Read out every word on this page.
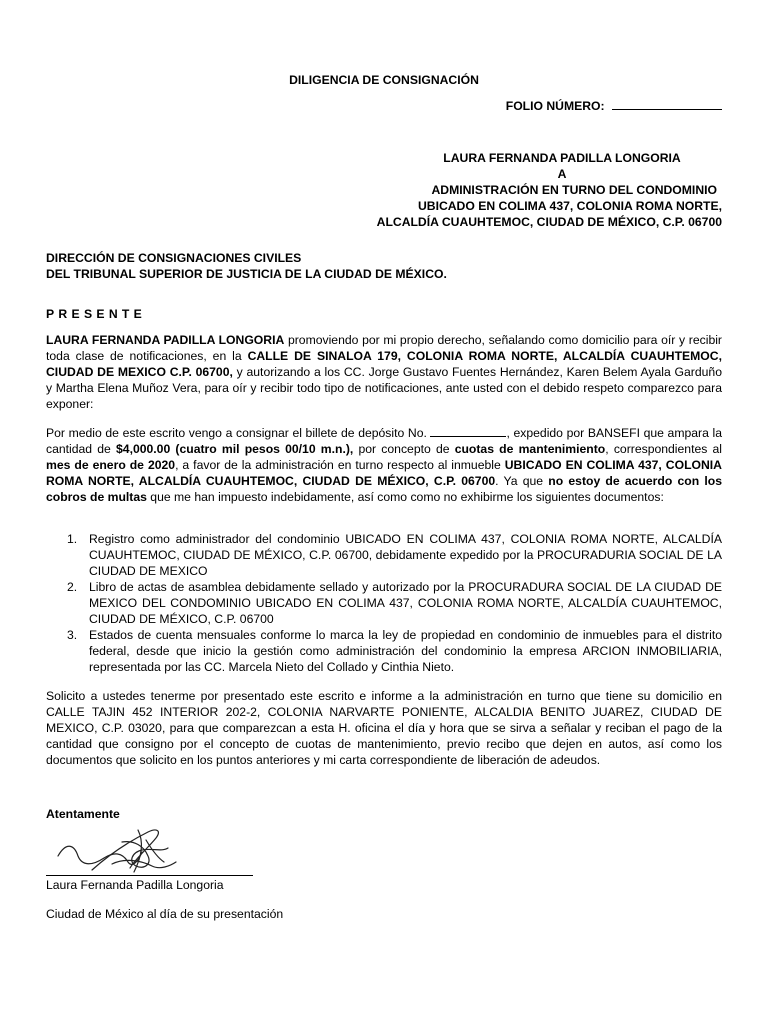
DILIGENCIA DE CONSIGNACIÓN
FOLIO NÚMERO:
LAURA FERNANDA PADILLA LONGORIA
A
ADMINISTRACIÓN EN TURNO DEL CONDOMINIO
UBICADO EN COLIMA 437, COLONIA ROMA NORTE,
ALCALDÍA CUAUHTEMOC, CIUDAD DE MÉXICO, C.P. 06700
DIRECCIÓN DE CONSIGNACIONES CIVILES
DEL TRIBUNAL SUPERIOR DE JUSTICIA DE LA CIUDAD DE MÉXICO.
PRESENTE
LAURA FERNANDA PADILLA LONGORIA promoviendo por mi propio derecho, señalando como domicilio para oír y recibir toda clase de notificaciones, en la CALLE DE SINALOA 179, COLONIA ROMA NORTE, ALCALDÍA CUAUHTEMOC, CIUDAD DE MEXICO C.P. 06700, y autorizando a los CC. Jorge Gustavo Fuentes Hernández, Karen Belem Ayala Garduño y Martha Elena Muñoz Vera, para oír y recibir todo tipo de notificaciones, ante usted con el debido respeto comparezco para exponer:
Por medio de este escrito vengo a consignar el billete de depósito No.	, expedido por BANSEFI que ampara la cantidad de $4,000.00 (cuatro mil pesos 00/10 m.n.), por concepto de cuotas de mantenimiento, correspondientes al mes de enero de 2020, a favor de la administración en turno respecto al inmueble UBICADO EN COLIMA 437, COLONIA ROMA NORTE, ALCALDÍA CUAUHTEMOC, CIUDAD DE MÉXICO, C.P. 06700. Ya que no estoy de acuerdo con los cobros de multas que me han impuesto indebidamente, así como como no exhibirme los siguientes documentos:
1. Registro como administrador del condominio UBICADO EN COLIMA 437, COLONIA ROMA NORTE, ALCALDÍA CUAUHTEMOC, CIUDAD DE MÉXICO, C.P. 06700, debidamente expedido por la PROCURADURIA SOCIAL DE LA CIUDAD DE MEXICO
2. Libro de actas de asamblea debidamente sellado y autorizado por la PROCURADURA SOCIAL DE LA CIUDAD DE MEXICO DEL CONDOMINIO UBICADO EN COLIMA 437, COLONIA ROMA NORTE, ALCALDÍA CUAUHTEMOC, CIUDAD DE MÉXICO, C.P. 06700
3. Estados de cuenta mensuales conforme lo marca la ley de propiedad en condominio de inmuebles para el distrito federal, desde que inicio la gestión como administración del condominio la empresa ARCION INMOBILIARIA, representada por las CC. Marcela Nieto del Collado y Cinthia Nieto.
Solicito a ustedes tenerme por presentado este escrito e informe a la administración en turno que tiene su domicilio en CALLE TAJIN 452 INTERIOR 202-2, COLONIA NARVARTE PONIENTE, ALCALDIA BENITO JUAREZ, CIUDAD DE MEXICO, C.P. 03020, para que comparezcan a esta H. oficina el día y hora que se sirva a señalar y reciban el pago de la cantidad que consigno por el concepto de cuotas de mantenimiento, previo recibo que dejen en autos, así como los documentos que solicito en los puntos anteriores y mi carta correspondiente de liberación de adeudos.
Atentamente
Laura Fernanda Padilla Longoria
Ciudad de México al día de su presentación
